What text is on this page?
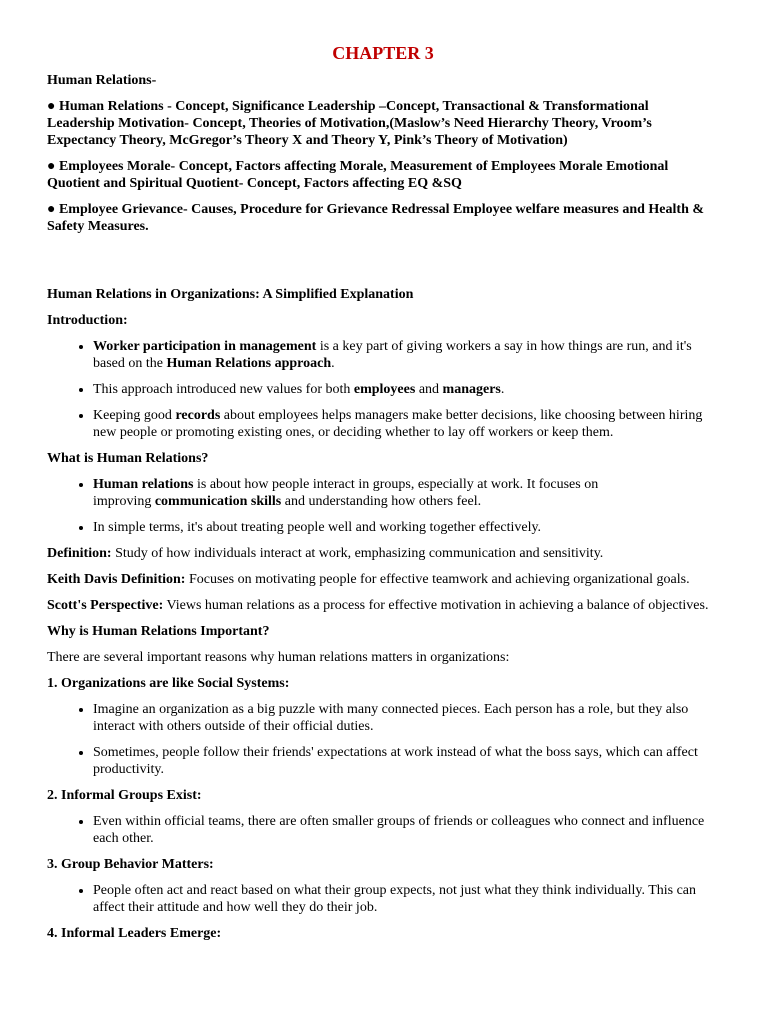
CHAPTER 3

Human Relations-

● Human Relations - Concept, Significance Leadership –Concept, Transactional & Transformational Leadership Motivation- Concept, Theories of Motivation,(Maslow’s Need Hierarchy Theory, Vroom’s Expectancy Theory, McGregor’s Theory X and Theory Y, Pink’s Theory of Motivation)

● Employees Morale- Concept, Factors affecting Morale, Measurement of Employees Morale Emotional Quotient and Spiritual Quotient- Concept, Factors affecting EQ &SQ

● Employee Grievance- Causes, Procedure for Grievance Redressal Employee welfare measures and Health & Safety Measures.

Human Relations in Organizations: A Simplified Explanation

Introduction:

• Worker participation in management is a key part of giving workers a say in how things are run, and it's based on the Human Relations approach.
• This approach introduced new values for both employees and managers.
• Keeping good records about employees helps managers make better decisions, like choosing between hiring new people or promoting existing ones, or deciding whether to lay off workers or keep them.

What is Human Relations?

• Human relations is about how people interact in groups, especially at work. It focuses on improving communication skills and understanding how others feel.
• In simple terms, it's about treating people well and working together effectively.

Definition: Study of how individuals interact at work, emphasizing communication and sensitivity.

Keith Davis Definition: Focuses on motivating people for effective teamwork and achieving organizational goals.

Scott's Perspective: Views human relations as a process for effective motivation in achieving a balance of objectives.

Why is Human Relations Important?

There are several important reasons why human relations matters in organizations:

1. Organizations are like Social Systems:

• Imagine an organization as a big puzzle with many connected pieces. Each person has a role, but they also interact with others outside of their official duties.
• Sometimes, people follow their friends' expectations at work instead of what the boss says, which can affect productivity.

2. Informal Groups Exist:

• Even within official teams, there are often smaller groups of friends or colleagues who connect and influence each other.

3. Group Behavior Matters:

• People often act and react based on what their group expects, not just what they think individually. This can affect their attitude and how well they do their job.

4. Informal Leaders Emerge:
